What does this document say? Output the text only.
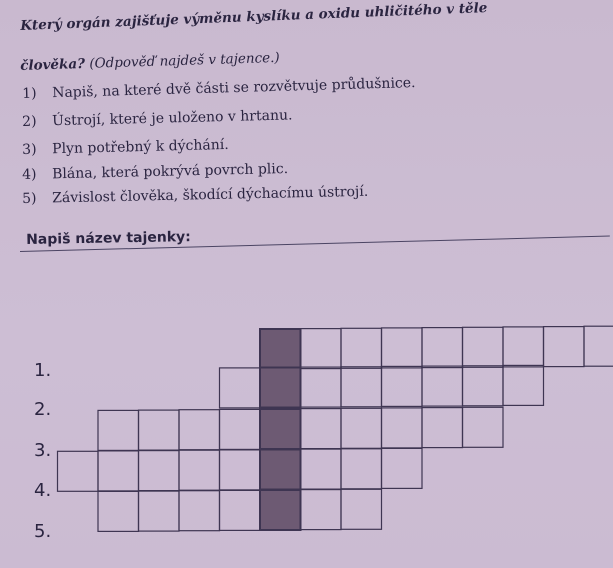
Který orgán zajišťuje výměnu kyslíku a oxidu uhličitého v těle
člověka? (Odpověď najdeš v tajence.)
1) Napiš, na které dvě části se rozvětvuje průdušnice.
2) Ústrojí, které je uloženo v hrtanu.
3) Plyn potřebný k dýchání.
4) Blána, která pokrývá povrch plic.
5) Závislost člověka, škodící dýchacímu ústrojí.
Napiš název tajenky:
1.
2.
3.
4.
5.
